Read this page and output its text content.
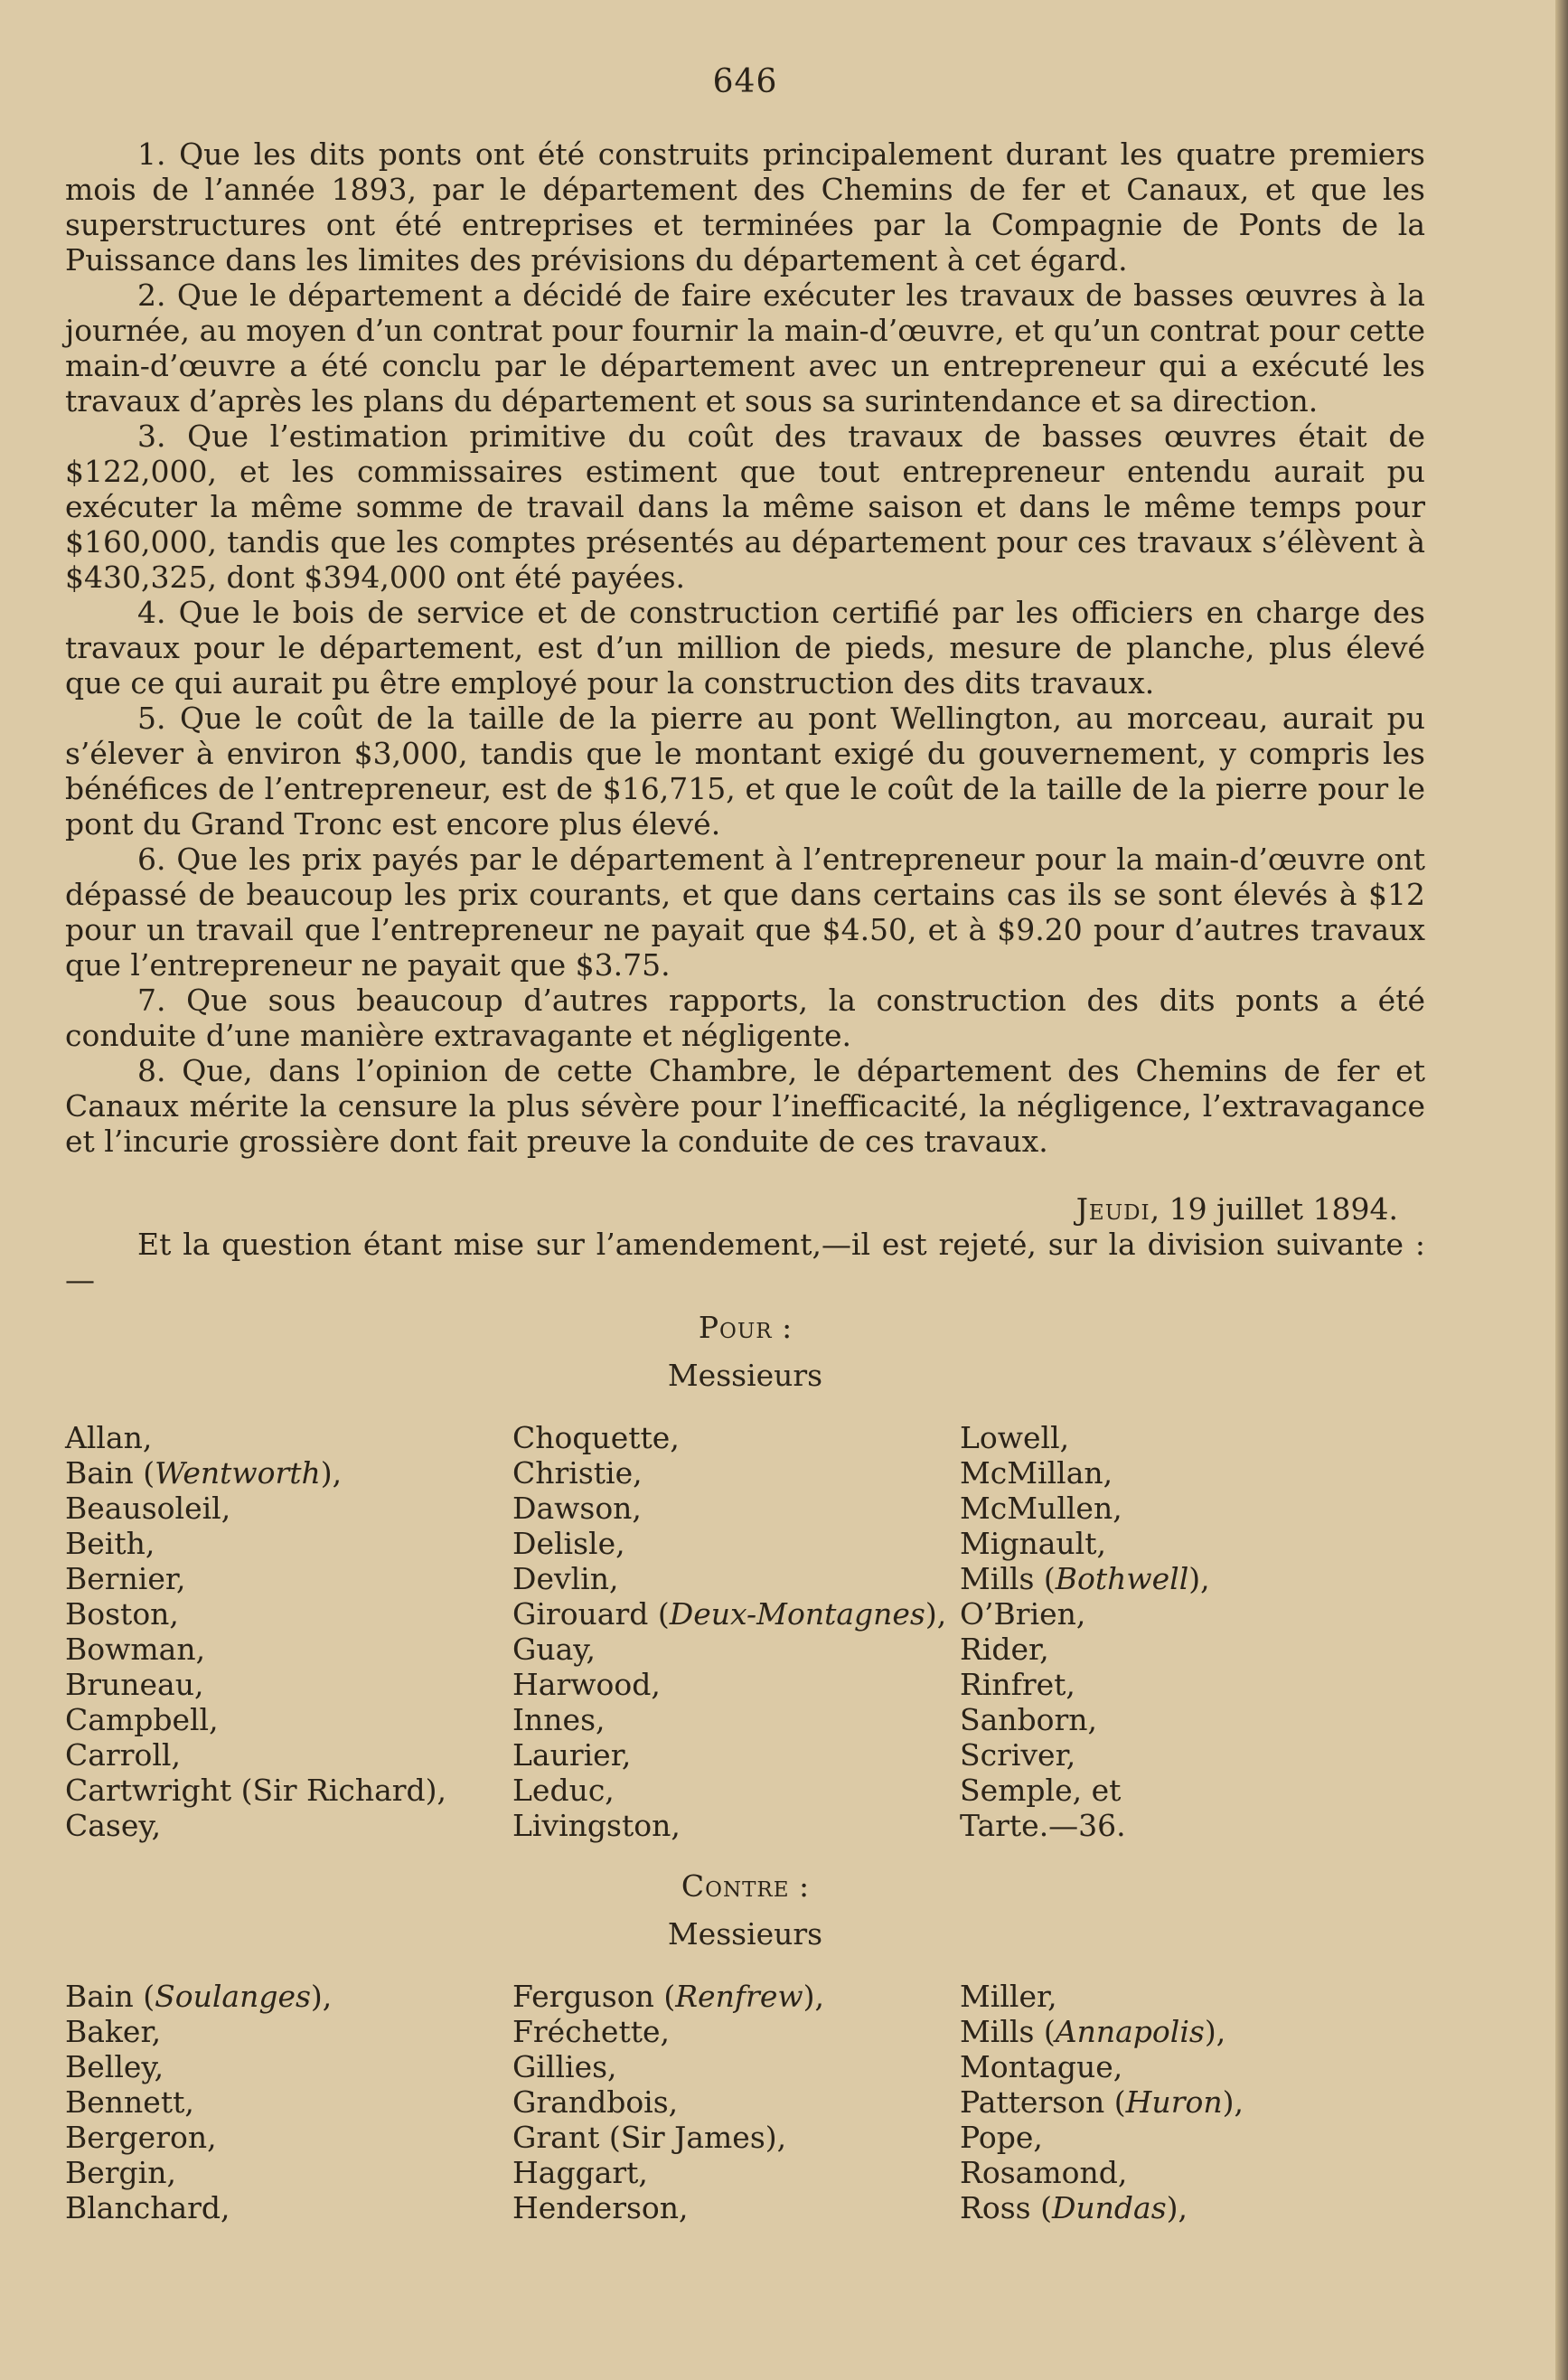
646

1. Que les dits ponts ont été construits principalement durant les quatre premiers mois de l’année 1893, par le département des Chemins de fer et Canaux, et que les superstructures ont été entreprises et terminées par la Compagnie de Ponts de la Puissance dans les limites des prévisions du département à cet égard.

2. Que le département a décidé de faire exécuter les travaux de basses œuvres à la journée, au moyen d’un contrat pour fournir la main-d’œuvre, et qu’un contrat pour cette main-d’œuvre a été conclu par le département avec un entrepreneur qui a exécuté les travaux d’après les plans du département et sous sa surintendance et sa direction.

3. Que l’estimation primitive du coût des travaux de basses œuvres était de $122,000, et les commissaires estiment que tout entrepreneur entendu aurait pu exécuter la même somme de travail dans la même saison et dans le même temps pour $160,000, tandis que les comptes présentés au département pour ces travaux s’élèvent à $430,325, dont $394,000 ont été payées.

4. Que le bois de service et de construction certifié par les officiers en charge des travaux pour le département, est d’un million de pieds, mesure de planche, plus élevé que ce qui aurait pu être employé pour la construction des dits travaux.

5. Que le coût de la taille de la pierre au pont Wellington, au morceau, aurait pu s’élever à environ $3,000, tandis que le montant exigé du gouvernement, y compris les bénéfices de l’entrepreneur, est de $16,715, et que le coût de la taille de la pierre pour le pont du Grand Tronc est encore plus élevé.

6. Que les prix payés par le département à l’entrepreneur pour la main-d’œuvre ont dépassé de beaucoup les prix courants, et que dans certains cas ils se sont élevés à $12 pour un travail que l’entrepreneur ne payait que $4.50, et à $9.20 pour d’autres travaux que l’entrepreneur ne payait que $3.75.

7. Que sous beaucoup d’autres rapports, la construction des dits ponts a été conduite d’une manière extravagante et négligente.

8. Que, dans l’opinion de cette Chambre, le département des Chemins de fer et Canaux mérite la censure la plus sévère pour l’inefficacité, la négligence, l’extravagance et l’incurie grossière dont fait preuve la conduite de ces travaux.

Jeudi, 19 juillet 1894.

Et la question étant mise sur l’amendement,—il est rejeté, sur la division suivante :—

Pour :
Messieurs
Allan,
Bain (Wentworth),
Beausoleil,
Beith,
Bernier,
Boston,
Bowman,
Bruneau,
Campbell,
Carroll,
Cartwright (Sir Richard),
Casey,
Choquette,
Christie,
Dawson,
Delisle,
Devlin,
Girouard (Deux-Montagnes),
Guay,
Harwood,
Innes,
Laurier,
Leduc,
Livingston,
Lowell,
McMillan,
McMullen,
Mignault,
Mills (Bothwell),
O’Brien,
Rider,
Rinfret,
Sanborn,
Scriver,
Semple, et
Tarte.—36.
Contre :
Messieurs
Bain (Soulanges),
Baker,
Belley,
Bennett,
Bergeron,
Bergin,
Blanchard,
Ferguson (Renfrew),
Fréchette,
Gillies,
Grandbois,
Grant (Sir James),
Haggart,
Henderson,
Miller,
Mills (Annapolis),
Montague,
Patterson (Huron),
Pope,
Rosamond,
Ross (Dundas),
